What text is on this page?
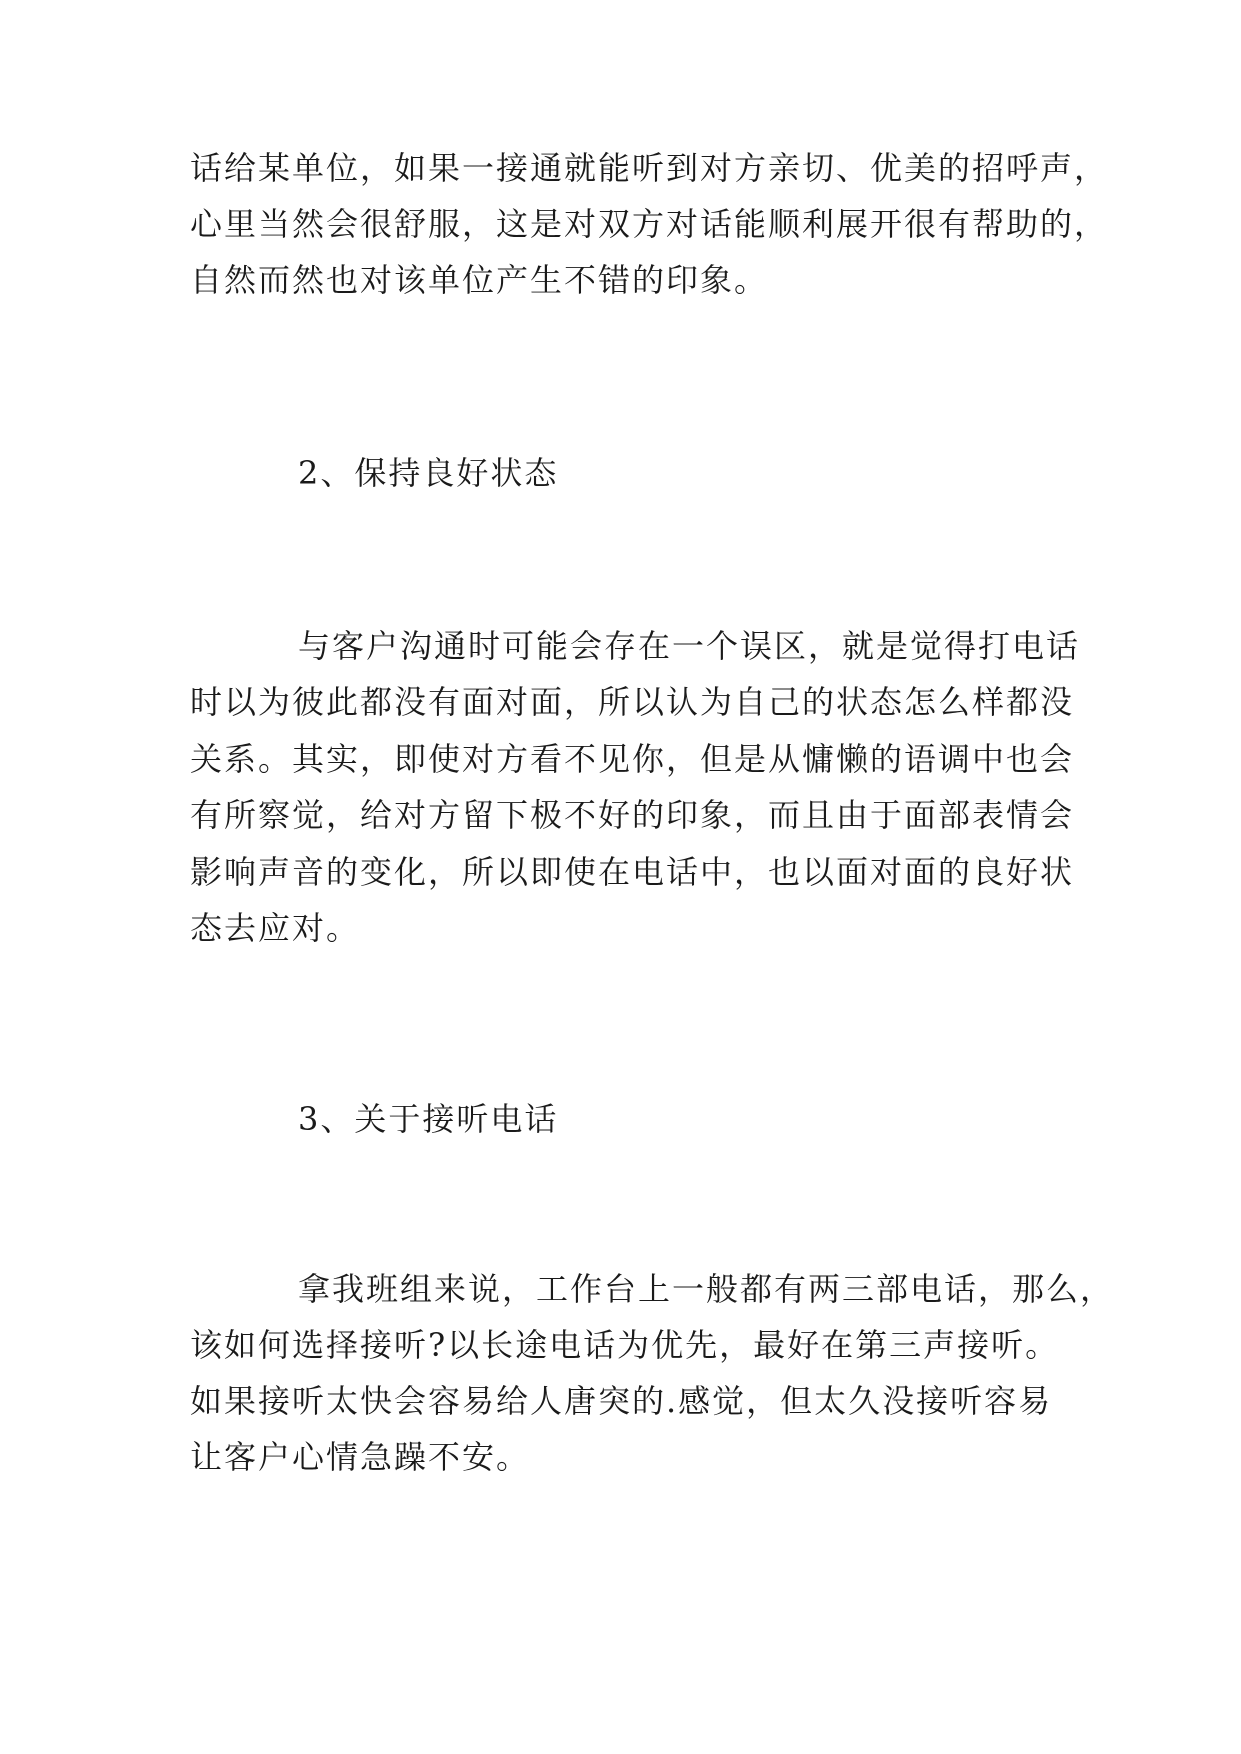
话给某单位，如果一接通就能听到对方亲切、优美的招呼声，
心里当然会很舒服，这是对双方对话能顺利展开很有帮助的，
自然而然也对该单位产生不错的印象。
2、保持良好状态
与客户沟通时可能会存在一个误区，就是觉得打电话
时以为彼此都没有面对面，所以认为自己的状态怎么样都没
关系。其实，即使对方看不见你，但是从慵懒的语调中也会
有所察觉，给对方留下极不好的印象，而且由于面部表情会
影响声音的变化，所以即使在电话中，也以面对面的良好状
态去应对。
3、关于接听电话
拿我班组来说，工作台上一般都有两三部电话，那么，
该如何选择接听?以长途电话为优先，最好在第三声接听。
如果接听太快会容易给人唐突的.感觉，但太久没接听容易
让客户心情急躁不安。
